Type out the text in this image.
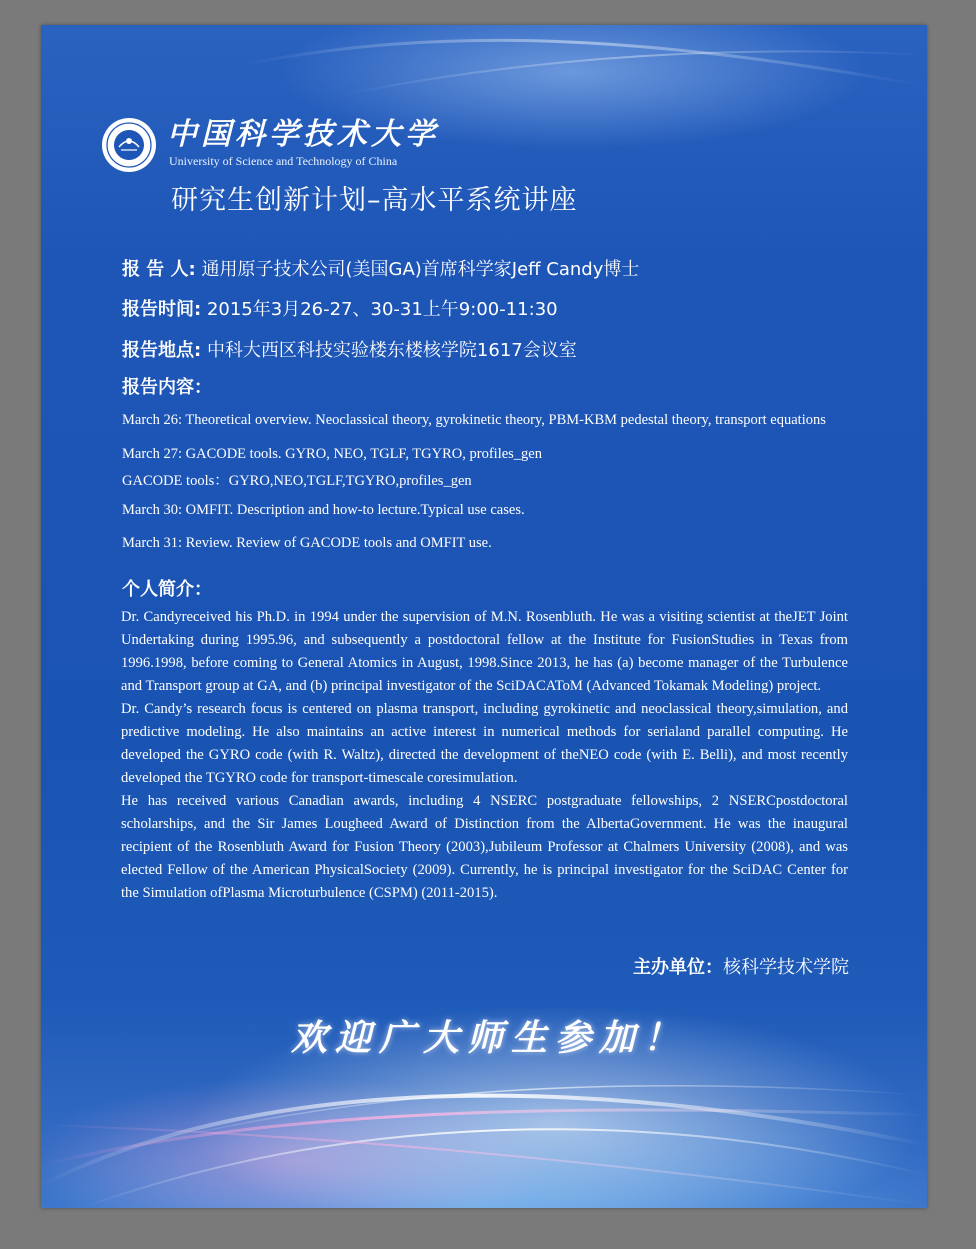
中国科学技术大学
University of Science and Technology of China
研究生创新计划–高水平系统讲座
报 告 人: 通用原子技术公司(美国GA)首席科学家Jeff Candy博士
报告时间: 2015年3月26-27、30-31上午9:00-11:30
报告地点: 中科大西区科技实验楼东楼核学院1617会议室
报告内容：
March 26: Theoretical overview. Neoclassical theory, gyrokinetic theory, PBM-KBM pedestal theory, transport equations
March 27: GACODE tools. GYRO, NEO, TGLF, TGYRO, profiles_gen
GACODE tools：GYRO,NEO,TGLF,TGYRO,profiles_gen
March 30: OMFIT. Description and how-to lecture.Typical use cases.
March 31: Review. Review of GACODE tools and OMFIT use.
个人简介：

Dr. Candyreceived his Ph.D. in 1994 under the supervision of M.N. Rosenbluth. He was a visiting scientist at theJET Joint Undertaking during 1995.96, and subsequently a postdoctoral fellow at the Institute for FusionStudies in Texas from 1996.1998, before coming to General Atomics in August, 1998.Since 2013, he has (a) become manager of the Turbulence and Transport group at GA, and (b) principal investigator of the SciDACAToM (Advanced Tokamak Modeling) project.

Dr. Candy’s research focus is centered on plasma transport, including gyrokinetic and neoclassical theory,simulation, and predictive modeling. He also maintains an active interest in numerical methods for serialand parallel computing. He developed the GYRO code (with R. Waltz), directed the development of theNEO code (with E. Belli), and most recently developed the TGYRO code for transport-timescale coresimulation.

He has received various Canadian awards, including 4 NSERC postgraduate fellowships, 2 NSERCpostdoctoral scholarships, and the Sir James Lougheed Award of Distinction from the AlbertaGovernment. He was the inaugural recipient of the Rosenbluth Award for Fusion Theory (2003),Jubileum Professor at Chalmers University (2008), and was elected Fellow of the American PhysicalSociety (2009). Currently, he is principal investigator for the SciDAC Center for the Simulation ofPlasma Microturbulence (CSPM) (2011-2015).

主办单位：核科学技术学院
欢迎广大师生参加！
